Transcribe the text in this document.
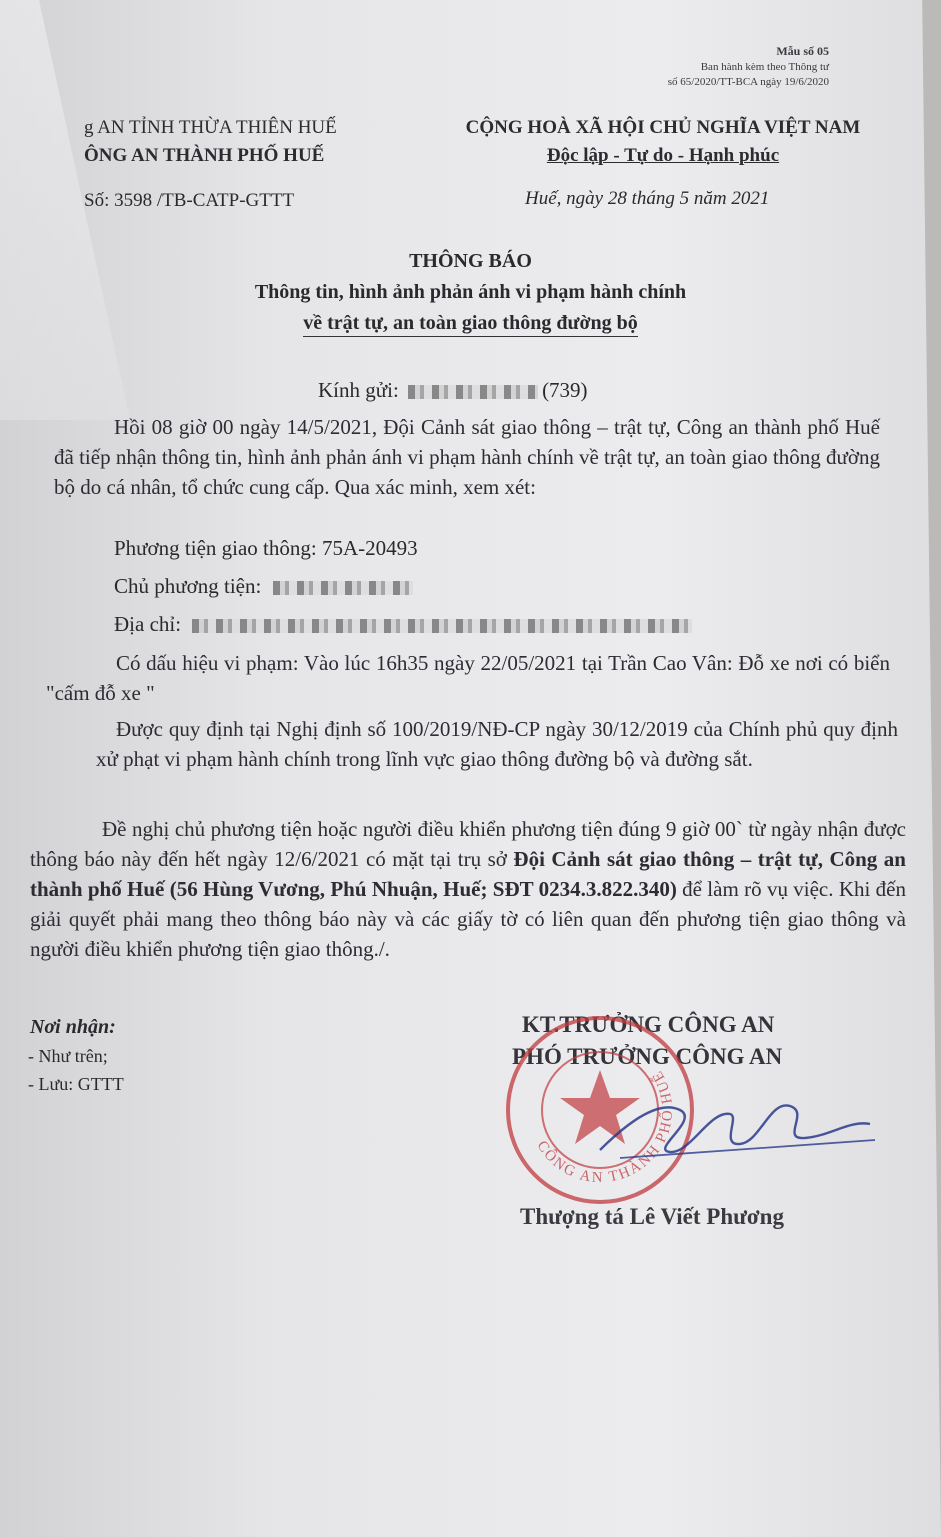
Mẫu số 05
Ban hành kèm theo Thông tư
số 65/2020/TT-BCA ngày 19/6/2020
g AN TỈNH THỪA THIÊN HUẾ
ÔNG AN THÀNH PHỐ HUẾ
CỘNG HOÀ XÃ HỘI CHỦ NGHĨA VIỆT NAM
Độc lập - Tự do - Hạnh phúc
Số: 3598 /TB-CATP-GTTT	Huế, ngày 28 tháng 5 năm 2021
THÔNG BÁO
Thông tin, hình ảnh phản ánh vi phạm hành chính
về trật tự, an toàn giao thông đường bộ
Kính gửi:	(739)
Hồi 08 giờ 00 ngày 14/5/2021, Đội Cảnh sát giao thông – trật tự, Công an thành phố Huế đã tiếp nhận thông tin, hình ảnh phản ánh vi phạm hành chính về trật tự, an toàn giao thông đường bộ do cá nhân, tổ chức cung cấp. Qua xác minh, xem xét:
Phương tiện giao thông: 75A-20493
Chủ phương tiện:
Địa chỉ:
Có dấu hiệu vi phạm: Vào lúc 16h35 ngày 22/05/2021 tại Trần Cao Vân: Đỗ xe nơi có biển "cấm đỗ xe "
Được quy định tại Nghị định số 100/2019/NĐ-CP ngày 30/12/2019 của Chính phủ quy định xử phạt vi phạm hành chính trong lĩnh vực giao thông đường bộ và đường sắt.
Đề nghị chủ phương tiện hoặc người điều khiển phương tiện đúng 9 giờ 00` từ ngày nhận được thông báo này đến hết ngày 12/6/2021 có mặt tại trụ sở Đội Cảnh sát giao thông – trật tự, Công an thành phố Huế (56 Hùng Vương, Phú Nhuận, Huế; SĐT 0234.3.822.340) để làm rõ vụ việc. Khi đến giải quyết phải mang theo thông báo này và các giấy tờ có liên quan đến phương tiện giao thông và người điều khiển phương tiện giao thông./.
Nơi nhận:
- Như trên;
- Lưu: GTTT
KT.TRƯỞNG CÔNG AN
PHÓ TRƯỞNG CÔNG AN
CÔNG AN THÀNH PHỐ HUẾ
Thượng tá Lê Viết Phương
